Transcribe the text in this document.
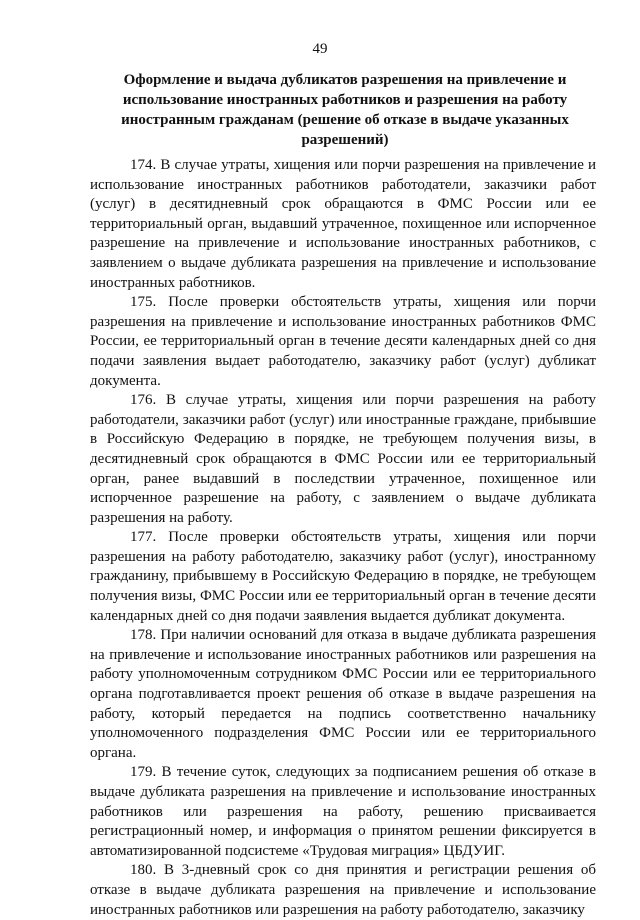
49
Оформление и выдача дубликатов разрешения на привлечение и использование иностранных работников и разрешения на работу иностранным гражданам (решение об отказе в выдаче указанных разрешений)

174. В случае утраты, хищения или порчи разрешения на привлечение и использование иностранных работников работодатели, заказчики работ (услуг) в десятидневный срок обращаются в ФМС России или ее территориальный орган, выдавший утраченное, похищенное или испорченное разрешение на привлечение и использование иностранных работников, с заявлением о выдаче дубликата разрешения на привлечение и использование иностранных работников.

175. После проверки обстоятельств утраты, хищения или порчи разрешения на привлечение и использование иностранных работников ФМС России, ее территориальный орган в течение десяти календарных дней со дня подачи заявления выдает работодателю, заказчику работ (услуг) дубликат документа.

176. В случае утраты, хищения или порчи разрешения на работу работодатели, заказчики работ (услуг) или иностранные граждане, прибывшие в Российскую Федерацию в порядке, не требующем получения визы, в десятидневный срок обращаются в ФМС России или ее территориальный орган, ранее выдавший в последствии утраченное, похищенное или испорченное разрешение на работу, с заявлением о выдаче дубликата разрешения на работу.

177. После проверки обстоятельств утраты, хищения или порчи разрешения на работу работодателю, заказчику работ (услуг), иностранному гражданину, прибывшему в Российскую Федерацию в порядке, не требующем получения визы, ФМС России или ее территориальный орган в течение десяти календарных дней со дня подачи заявления выдается дубликат документа.

178. При наличии оснований для отказа в выдаче дубликата разрешения на привлечение и использование иностранных работников или разрешения на работу уполномоченным сотрудником ФМС России или ее территориального органа подготавливается проект решения об отказе в выдаче разрешения на работу, который передается на подпись соответственно начальнику уполномоченного подразделения ФМС России или ее территориального органа.

179. В течение суток, следующих за подписанием решения об отказе в выдаче дубликата разрешения на привлечение и использование иностранных работников или разрешения на работу, решению присваивается регистрационный номер, и информация о принятом решении фиксируется в автоматизированной подсистеме «Трудовая миграция» ЦБДУИГ.

180. В 3-дневный срок со дня принятия и регистрации решения об отказе в выдаче дубликата разрешения на привлечение и использование иностранных работников или разрешения на работу работодателю, заказчику
